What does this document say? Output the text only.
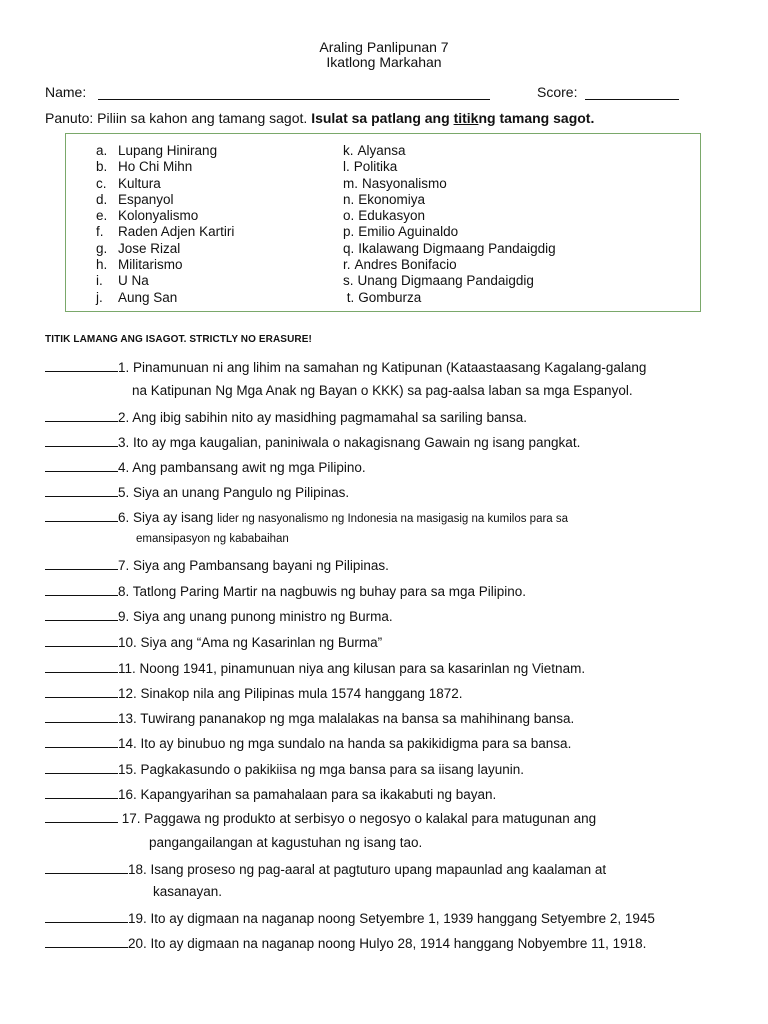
Araling Panlipunan 7
Ikatlong Markahan
Name:	Score:
Panuto: Piliin sa kahon ang tamang sagot. Isulat sa patlang ang titikng tamang sagot.
a. Lupang Hinirang
b. Ho Chi Mihn
c. Kultura
d. Espanyol
e. Kolonyalismo
f. Raden Adjen Kartiri
g. Jose Rizal
h. Militarismo
i. U Na
j. Aung San
k. Alyansa
l. Politika
m. Nasyonalismo
n. Ekonomiya
o. Edukasyon
p. Emilio Aguinaldo
q. Ikalawang Digmaang Pandaigdig
r. Andres Bonifacio
s. Unang Digmaang Pandaigdig
t. Gomburza
TITIK LAMANG ANG ISAGOT. STRICTLY NO ERASURE!
1. Pinamunuan ni ang lihim na samahan ng Katipunan (Kataastaasang Kagalang-galang
na Katipunan Ng Mga Anak ng Bayan o KKK) sa pag-aalsa laban sa mga Espanyol.
2. Ang ibig sabihin nito ay masidhing pagmamahal sa sariling bansa.
3. Ito ay mga kaugalian, paniniwala o nakagisnang Gawain ng isang pangkat.
4. Ang pambansang awit ng mga Pilipino.
5. Siya an unang Pangulo ng Pilipinas.
6. Siya ay isang lider ng nasyonalismo ng Indonesia na masigasig na kumilos para sa
emansipasyon ng kababaihan
7. Siya ang Pambansang bayani ng Pilipinas.
8. Tatlong Paring Martir na nagbuwis ng buhay para sa mga Pilipino.
9. Siya ang unang punong ministro ng Burma.
10. Siya ang “Ama ng Kasarinlan ng Burma”
11. Noong 1941, pinamunuan niya ang kilusan para sa kasarinlan ng Vietnam.
12. Sinakop nila ang Pilipinas mula 1574 hanggang 1872.
13. Tuwirang pananakop ng mga malalakas na bansa sa mahihinang bansa.
14. Ito ay binubuo ng mga sundalo na handa sa pakikidigma para sa bansa.
15. Pagkakasundo o pakikiisa ng mga bansa para sa iisang layunin.
16. Kapangyarihan sa pamahalaan para sa ikakabuti ng bayan.
17. Paggawa ng produkto at serbisyo o negosyo o kalakal para matugunan ang
pangangailangan at kagustuhan ng isang tao.
18. Isang proseso ng pag-aaral at pagtuturo upang mapaunlad ang kaalaman at
kasanayan.
19. Ito ay digmaan na naganap noong Setyembre 1, 1939 hanggang Setyembre 2, 1945
20. Ito ay digmaan na naganap noong Hulyo 28, 1914 hanggang Nobyembre 11, 1918.
